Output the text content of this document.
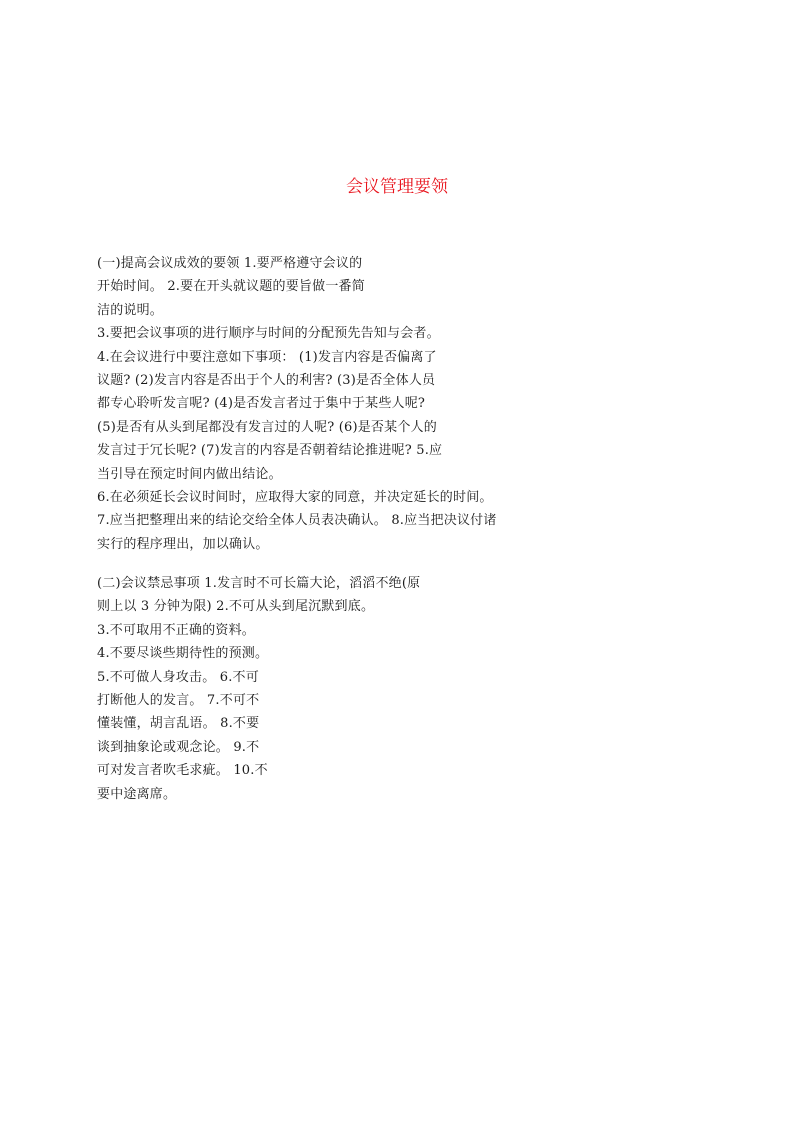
会议管理要领
(一)提高会议成效的要领 1.要严格遵守会议的
开始时间。 2.要在开头就议题的要旨做一番简
洁的说明。
3.要把会议事项的进行顺序与时间的分配预先告知与会者。
4.在会议进行中要注意如下事项： (1)发言内容是否偏离了
议题? (2)发言内容是否出于个人的利害? (3)是否全体人员
都专心聆听发言呢? (4)是否发言者过于集中于某些人呢?
(5)是否有从头到尾都没有发言过的人呢? (6)是否某个人的
发言过于冗长呢? (7)发言的内容是否朝着结论推进呢? 5.应
当引导在预定时间内做出结论。
6.在必须延长会议时间时，应取得大家的同意，并决定延长的时间。
7.应当把整理出来的结论交给全体人员表决确认。 8.应当把决议付诸
实行的程序理出，加以确认。
(二)会议禁忌事项 1.发言时不可长篇大论，滔滔不绝(原
则上以 3 分钟为限) 2.不可从头到尾沉默到底。
3.不可取用不正确的资料。
4.不要尽谈些期待性的预测。
5.不可做人身攻击。 6.不可
打断他人的发言。 7.不可不
懂装懂，胡言乱语。 8.不要
谈到抽象论或观念论。 9.不
可对发言者吹毛求疵。 10.不
要中途离席。
